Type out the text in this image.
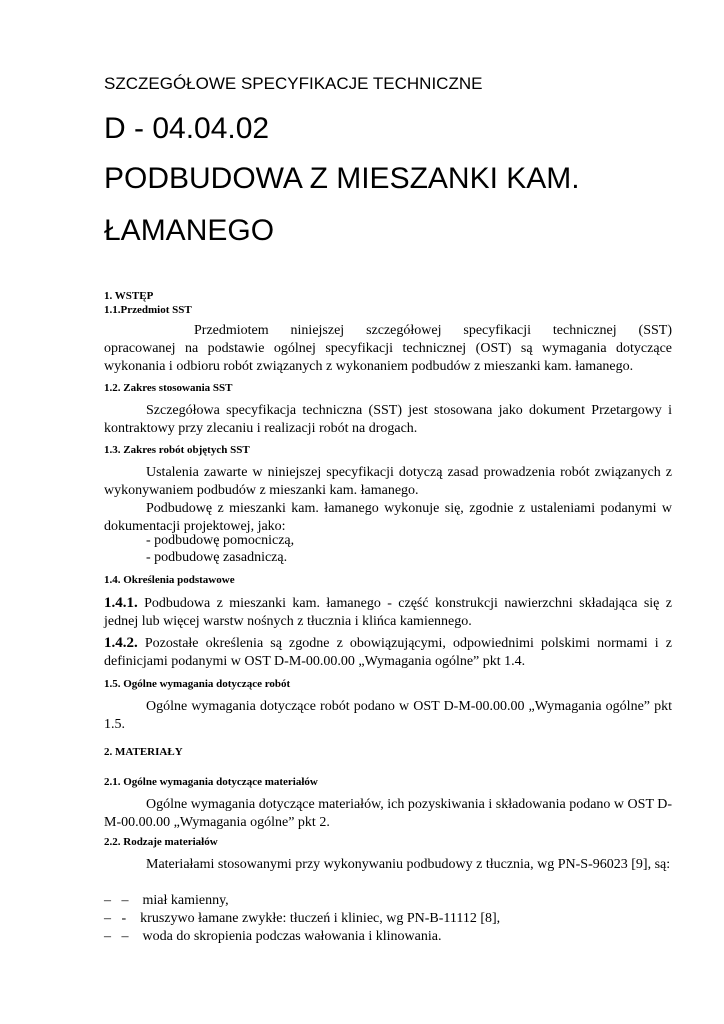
SZCZEGÓŁOWE SPECYFIKACJE TECHNICZNE

D - 04.04.02

PODBUDOWA Z MIESZANKI KAM.

ŁAMANEGO

1. WSTĘP

1.1.Przedmiot SST

Przedmiotem niniejszej szczegółowej specyfikacji technicznej (SST)

opracowanej na podstawie ogólnej specyfikacji technicznej (OST) są wymagania dotyczące wykonania i odbioru robót związanych z wykonaniem podbudów z mieszanki kam. łamanego.

1.2. Zakres stosowania SST

Szczegółowa specyfikacja techniczna (SST) jest stosowana jako dokument Przetargowy i kontraktowy przy zlecaniu i realizacji robót na drogach.

1.3. Zakres robót objętych SST

Ustalenia zawarte w niniejszej specyfikacji dotyczą zasad prowadzenia robót związanych z wykonywaniem podbudów z mieszanki kam. łamanego.

Podbudowę z mieszanki kam. łamanego wykonuje się, zgodnie z ustaleniami podanymi w dokumentacji projektowej, jako:

- podbudowę pomocniczą,

- podbudowę zasadniczą.

1.4. Określenia podstawowe

1.4.1. Podbudowa z mieszanki kam. łamanego - część konstrukcji nawierzchni składająca się z jednej lub więcej warstw nośnych z tłucznia i klińca kamiennego.

1.4.2. Pozostałe określenia są zgodne z obowiązującymi, odpowiednimi polskimi normami i z definicjami podanymi w OST D-M-00.00.00 „Wymagania ogólne” pkt 1.4.

1.5. Ogólne wymagania dotyczące robót

Ogólne wymagania dotyczące robót podano w OST D-M-00.00.00 „Wymagania ogólne” pkt 1.5.

2. MATERIAŁY

2.1. Ogólne wymagania dotyczące materiałów

Ogólne wymagania dotyczące materiałów, ich pozyskiwania i składowania podano w OST D-M-00.00.00 „Wymagania ogólne” pkt 2.

2.2. Rodzaje materiałów

Materiałami stosowanymi przy wykonywaniu podbudowy z tłucznia, wg PN-S-96023 [9], są:

–   –    miał kamienny,

–   -    kruszywo łamane zwykłe: tłuczeń i kliniec, wg PN-B-11112 [8],

–   –    woda do skropienia podczas wałowania i klinowania.
